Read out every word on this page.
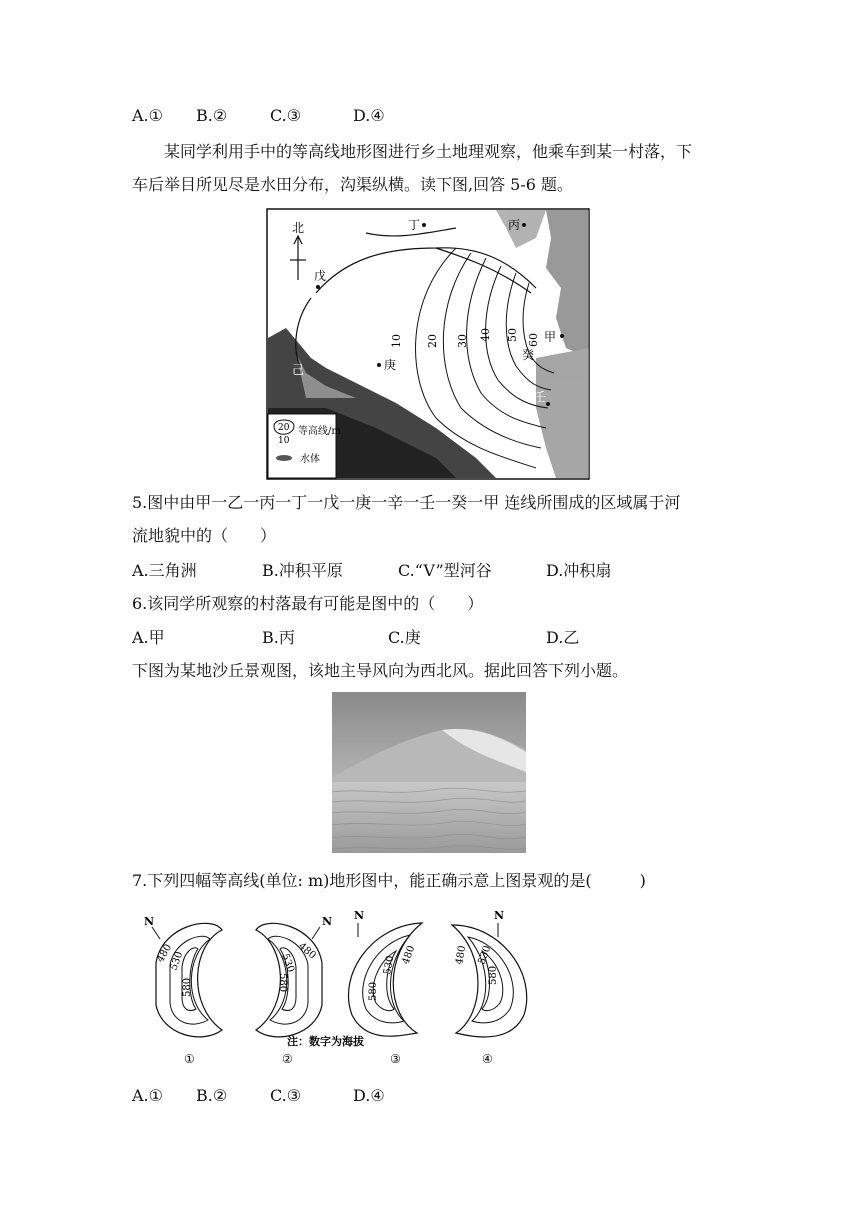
A.① B.②	C.③	D.④
某同学利用手中的等高线地形图进行乡土地理观察，他乘车到某一村落，下
车后举目所见尽是水田分布，沟渠纵横。读下图,回答 5-6 题。
10 20 30 40 50 60
北	丁	丙
戊
庚
甲
癸
壬
己
辛
20
10
等高线/m
水体
5.图中由甲一乙一丙一丁一戊一庚一辛一壬一癸一甲 连线所围成的区域属于河
流地貌中的（　　）
A.三角洲	B.冲积平原	C.“V”型河谷	D.冲积扇
6.该同学所观察的村落最有可能是图中的（　　）
A.甲	B.丙	C.庚	D.乙
下图为某地沙丘景观图，该地主导风向为西北风。据此回答下列小题。
7.下列四幅等高线(单位: m)地形图中，能正确示意上图景观的是(　　　)
N
480
530
580
①
N
480
530
580
②
N
480
530
580
③
N
480 530
580
④
注：数字为海拔
A.① B.②	C.③	D.④
